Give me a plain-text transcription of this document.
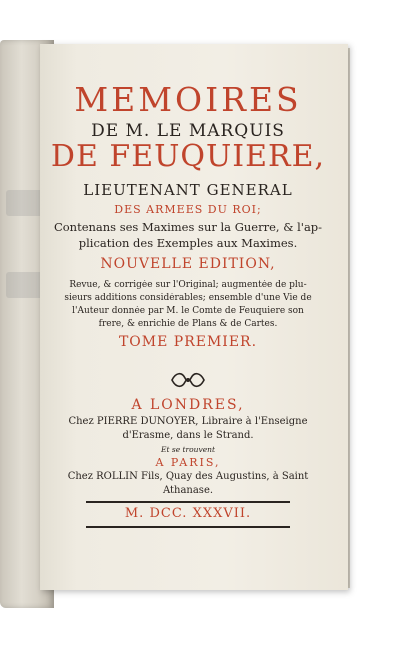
MEMOIRES

DE M. LE MARQUIS

DE FEUQUIERE,

LIEUTENANT GENERAL

DES ARMEES DU ROI;

Contenans ses Maximes sur la Guerre, & l'ap-

plication des Exemples aux Maximes.

NOUVELLE EDITION,

Revue, & corrigée sur l'Original; augmentée de plu-

sieurs additions considérables; ensemble d'une Vie de

l'Auteur donnée par M. le Comte de Feuquiere son

frere, & enrichie de Plans & de Cartes.

TOME PREMIER.

A LONDRES,

Chez PIERRE DUNOYER, Libraire à l'Enseigne

d'Erasme, dans le Strand.

Et se trouvent

A PARIS,

Chez ROLLIN Fils, Quay des Augustins, à Saint

Athanase.

M. DCC. XXXVII.
